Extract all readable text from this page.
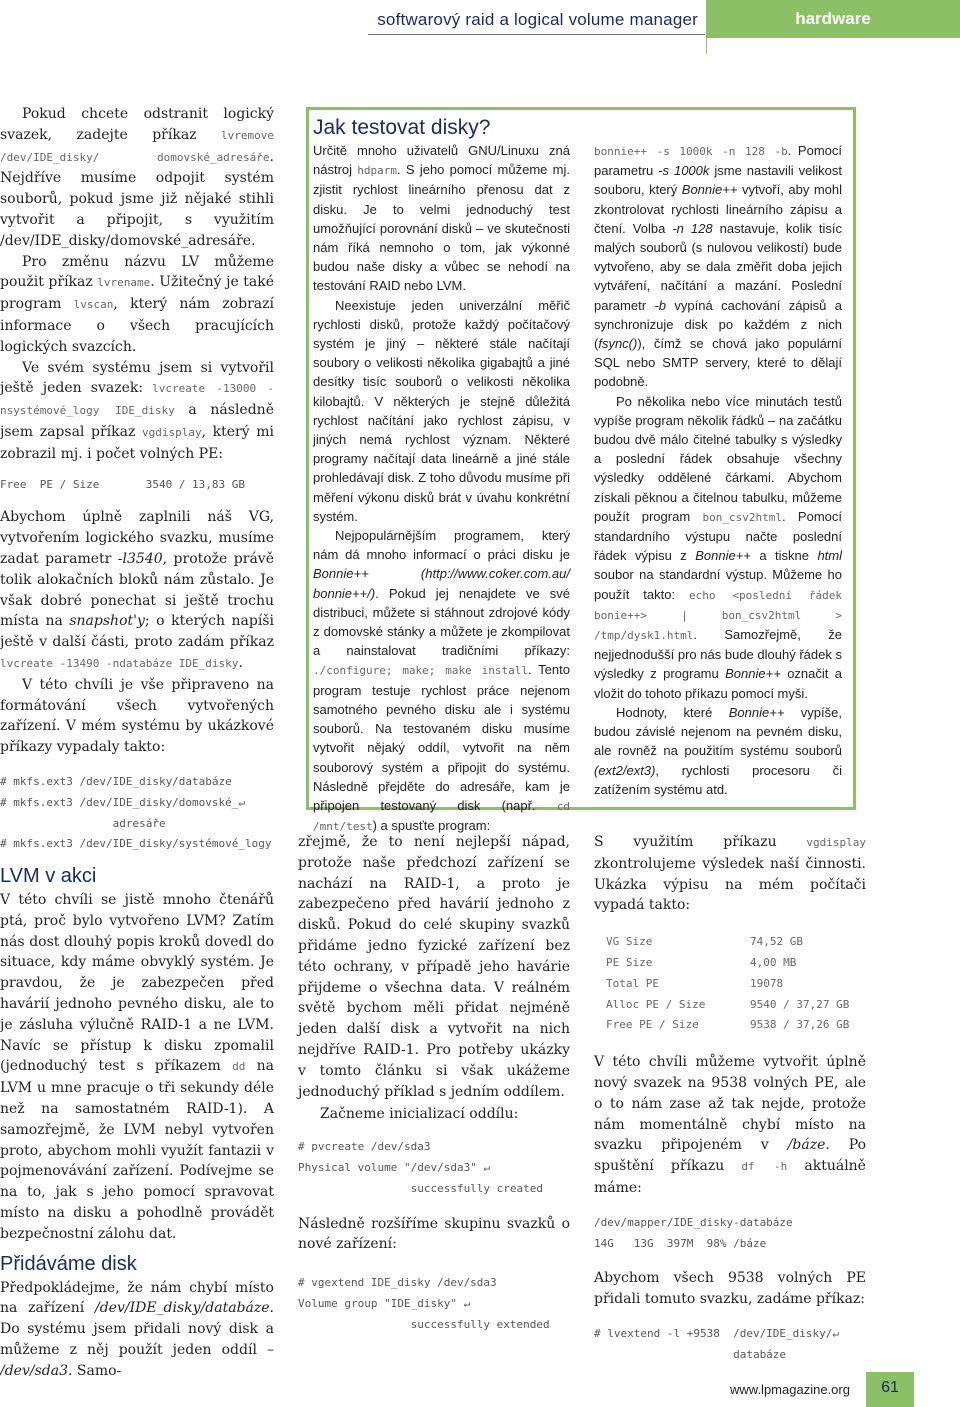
softwarový raid a logical volume manager	hardware

Pokud chcete odstranit logický svazek, zadejte příkaz lvremove /dev/IDE_disky/ domovské_adresáře. Nejdříve musíme odpojit systém souborů, pokud jsme již nějaké stihli vytvořit a připojit, s využitím /dev/IDE_disky/domovské_adresáře.

Pro změnu názvu LV můžeme použit příkaz lvrename. Užitečný je také program lvscan, který nám zobrazí informace o všech pracujících logických svazcích.

Ve svém systému jsem si vytvořil ještě jeden svazek: lvcreate -13000 -nsystémové_logy IDE_disky a následně jsem zapsal příkaz vgdisplay, který mi zobrazil mj. i počet volných PE:

Free  PE / Size       3540 / 13,83 GB

Abychom úplně zaplnili náš VG, vytvořením logického svazku, musíme zadat parametr -l3540, protože právě tolik alokačních bloků nám zůstalo. Je však dobré ponechat si ještě trochu místa na snapshot'y; o kterých napíši ještě v další části, proto zadám příkaz lvcreate -13490 -ndatabáze IDE_disky.

V této chvíli je vše připraveno na formátování všech vytvořených zařízení. V mém systému by ukázkové příkazy vypadaly takto:

# mkfs.ext3 /dev/IDE_disky/databáze
# mkfs.ext3 /dev/IDE_disky/domovské_↵
adresáře
# mkfs.ext3 /dev/IDE_disky/systémové_logy
LVM v akci

V této chvíli se jistě mnoho čtenářů ptá, proč bylo vytvořeno LVM? Zatím nás dost dlouhý popis kroků dovedl do situace, kdy máme obvyklý systém. Je pravdou, že je zabezpečen před havárií jednoho pevného disku, ale to je zásluha výlučně RAID-1 a ne LVM. Navíc se přístup k disku zpomalil (jednoduchý test s příkazem dd na LVM u mne pracuje o tři sekundy déle než na samostatném RAID-1). A samozřejmě, že LVM nebyl vytvořen proto, abychom mohli využít fantazii v pojmenovávání zařízení. Podívejme se na to, jak s jeho pomocí spravovat místo na disku a pohodlně provádět bezpečnostní zálohu dat.

Přidáváme disk

Předpokládejme, že nám chybí místo na zařízení /dev/IDE_disky/databáze. Do systému jsem přidali nový disk a můžeme z něj použít jeden oddíl – /dev/sda3. Samo-

Jak testovat disky?

Určitě mnoho uživatelů GNU/Linuxu zná nástroj hdparm. S jeho pomocí můžeme mj. zjistit rychlost lineárního přenosu dat z disku. Je to velmi jednoduchý test umožňující porovnání disků – ve skutečnosti nám říká nemnoho o tom, jak výkonné budou naše disky a vůbec se nehodí na testování RAID nebo LVM.

Neexistuje jeden univerzální měřič rychlosti disků, protože každý počítačový systém je jiný – některé stále načítají soubory o velikosti několika gigabajtů a jiné desítky tisíc souborů o velikosti několika kilobajtů. V některých je stejně důležitá rychlost načítání jako rychlost zápisu, v jiných nemá rychlost význam. Některé programy načítají data lineárně a jiné stále prohledávají disk. Z toho důvodu musíme při měření výkonu disků brát v úvahu konkrétní systém.

Nejpopulárnějším programem, který nám dá mnoho informací o práci disku je Bonnie++ (http://www.coker.com.au/ bonnie++/). Pokud jej nenajdete ve své distribuci, můžete si stáhnout zdrojové kódy z domovské stánky a můžete je zkompilovat a nainstalovat tradičními příkazy: ./configure; make; make install. Tento program testuje rychlost práce nejenom samotného pevného disku ale i systému souborů. Na testovaném disku musíme vytvořit nějaký oddíl, vytvořit na něm souborový systém a připojit do systému. Následně přejděte do adresáře, kam je připojen testovaný disk (např. cd /mnt/test) a spusťte program:

bonnie++ -s 1000k -n 128 -b. Pomocí parametru -s 1000k jsme nastavili velikost souboru, který Bonnie++ vytvoří, aby mohl zkontrolovat rychlosti lineárního zápisu a čtení. Volba -n 128 nastavuje, kolik tisíc malých souborů (s nulovou velikostí) bude vytvořeno, aby se dala změřit doba jejich vytváření, načítání a mazání. Poslední parametr -b vypíná cachování zápisů a synchronizuje disk po každém z nich (fsync()), čímž se chová jako populární SQL nebo SMTP servery, které to dělají podobně.

Po několika nebo více minutách testů vypíše program několik řádků – na začátku budou dvě málo čitelné tabulky s výsledky a poslední řádek obsahuje všechny výsledky oddělené čárkami. Abychom získali pěknou a čitelnou tabulku, můžeme použít program bon_csv2html. Pomocí standardního výstupu načte poslední řádek výpisu z Bonnie++ a tiskne html soubor na standardní výstup. Můžeme ho použít takto: echo <poslední řádek bonie++> | bon_csv2html > /tmp/dysk1.html. Samozřejmě, že nejjednodušší pro nás bude dlouhý řádek s výsledky z programu Bonnie++ označit a vložit do tohoto příkazu pomocí myši.

Hodnoty, které Bonnie++ vypíše, budou závislé nejenom na pevném disku, ale rovněž na použitím systému souborů (ext2/ext3), rychlosti procesoru či zatížením systému atd.

zřejmě, že to není nejlepší nápad, protože naše předchozí zařízení se nachází na RAID-1, a proto je zabezpečeno před havárií jednoho z disků. Pokud do celé skupiny svazků přidáme jedno fyzické zařízení bez této ochrany, v případě jeho havárie přijdeme o všechna data. V reálném světě bychom měli přidat nejméně jeden další disk a vytvořit na nich nejdříve RAID-1. Pro potřeby ukázky v tomto článku si však ukážeme jednoduchý příklad s jedním oddílem.

Začneme inicializací oddílu:

# pvcreate /dev/sda3
Physical volume "/dev/sda3" ↵
successfully created

Následně rozšíříme skupinu svazků o nové zařízení:

# vgextend IDE_disky /dev/sda3
Volume group "IDE_disky" ↵
successfully extended

S využitím příkazu vgdisplay zkontrolujeme výsledek naší činnosti. Ukázka výpisu na mém počítači vypadá takto:

VG Size	74,52 GB
PE Size	4,00 MB
Total PE	19078
Alloc PE / Size	9540 / 37,27 GB
Free PE / Size	9538 / 37,26 GB

V této chvíli můžeme vytvořit úplně nový svazek na 9538 volných PE, ale o to nám zase až tak nejde, protože nám momentálně chybí místo na svazku připojeném v /báze. Po spuštění příkazu df -h aktuálně máme:

/dev/mapper/IDE_disky-databáze
14G   13G  397M  98% /báze

Abychom všech 9538 volných PE přidali tomuto svazku, zadáme příkaz:

# lvextend -l +9538  /dev/IDE_disky/↵
databáze
www.lpmagazine.org	61
